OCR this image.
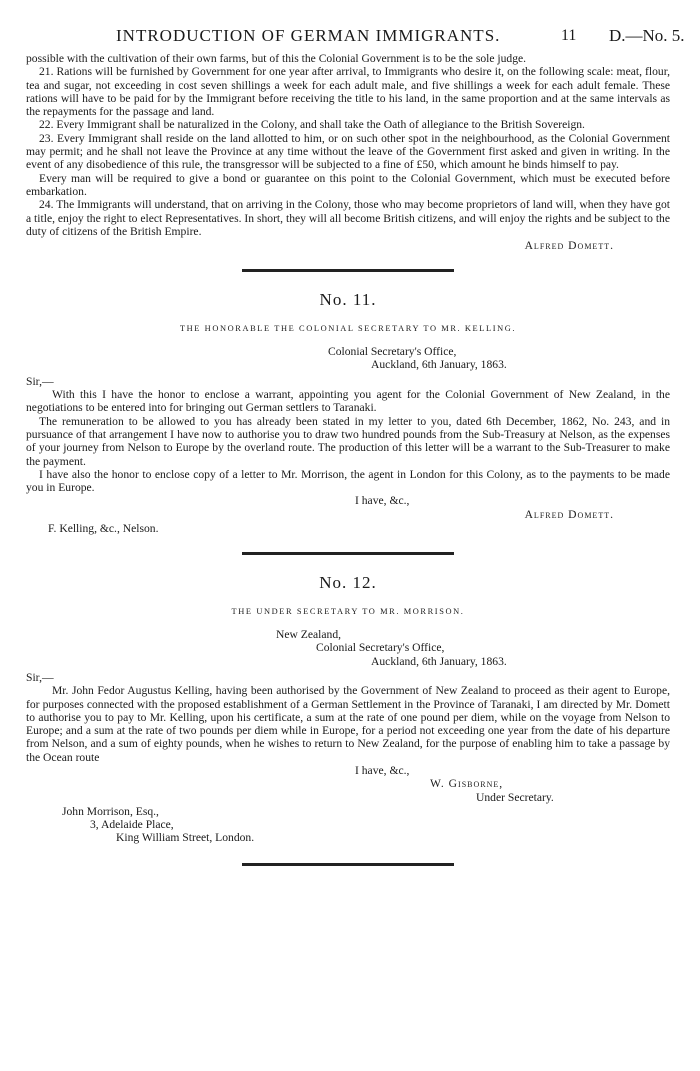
INTRODUCTION OF GERMAN IMMIGRANTS.	11 D.—No. 5.

possible with the cultivation of their own farms, but of this the Colonial Government is to be the sole judge.

21. Rations will be furnished by Government for one year after arrival, to Immigrants who desire it, on the following scale: meat, flour, tea and sugar, not exceeding in cost seven shillings a week for each adult male, and five shillings a week for each adult female. These rations will have to be paid for by the Immigrant before receiving the title to his land, in the same proportion and at the same intervals as the repayments for the passage and land.

22. Every Immigrant shall be naturalized in the Colony, and shall take the Oath of allegiance to the British Sovereign.

23. Every Immigrant shall reside on the land allotted to him, or on such other spot in the neighbourhood, as the Colonial Government may permit; and he shall not leave the Province at any time without the leave of the Government first asked and given in writing. In the event of any disobedience of this rule, the transgressor will be subjected to a fine of £50, which amount he binds himself to pay.

Every man will be required to give a bond or guarantee on this point to the Colonial Government, which must be executed before embarkation.

24. The Immigrants will understand, that on arriving in the Colony, those who may become proprietors of land will, when they have got a title, enjoy the right to elect Representatives. In short, they will all become British citizens, and will enjoy the rights and be subject to the duty of citizens of the British Empire.

Alfred Domett.
No. 11.
THE HONORABLE THE COLONIAL SECRETARY TO MR. KELLING.
Colonial Secretary's Office,
Auckland, 6th January, 1863.
Sir,—

With this I have the honor to enclose a warrant, appointing you agent for the Colonial Government of New Zealand, in the negotiations to be entered into for bringing out German settlers to Taranaki.

The remuneration to be allowed to you has already been stated in my letter to you, dated 6th December, 1862, No. 243, and in pursuance of that arrangement I have now to authorise you to draw two hundred pounds from the Sub-Treasury at Nelson, as the expenses of your journey from Nelson to Europe by the overland route. The production of this letter will be a warrant to the Sub-Treasurer to make the payment.

I have also the honor to enclose copy of a letter to Mr. Morrison, the agent in London for this Colony, as to the payments to be made you in Europe.

I have, &c.,
Alfred Domett.
F. Kelling, &c., Nelson.
No. 12.
THE UNDER SECRETARY TO MR. MORRISON.
New Zealand,
Colonial Secretary's Office,
Auckland, 6th January, 1863.
Sir,—

Mr. John Fedor Augustus Kelling, having been authorised by the Government of New Zealand to proceed as their agent to Europe, for purposes connected with the proposed establishment of a German Settlement in the Province of Taranaki, I am directed by Mr. Domett to authorise you to pay to Mr. Kelling, upon his certificate, a sum at the rate of one pound per diem, while on the voyage from Nelson to Europe; and a sum at the rate of two pounds per diem while in Europe, for a period not exceeding one year from the date of his departure from Nelson, and a sum of eighty pounds, when he wishes to return to New Zealand, for the purpose of enabling him to take a passage by the Ocean route

I have, &c.,
W. Gisborne,
Under Secretary.
John Morrison, Esq.,
3, Adelaide Place,
King William Street, London.
